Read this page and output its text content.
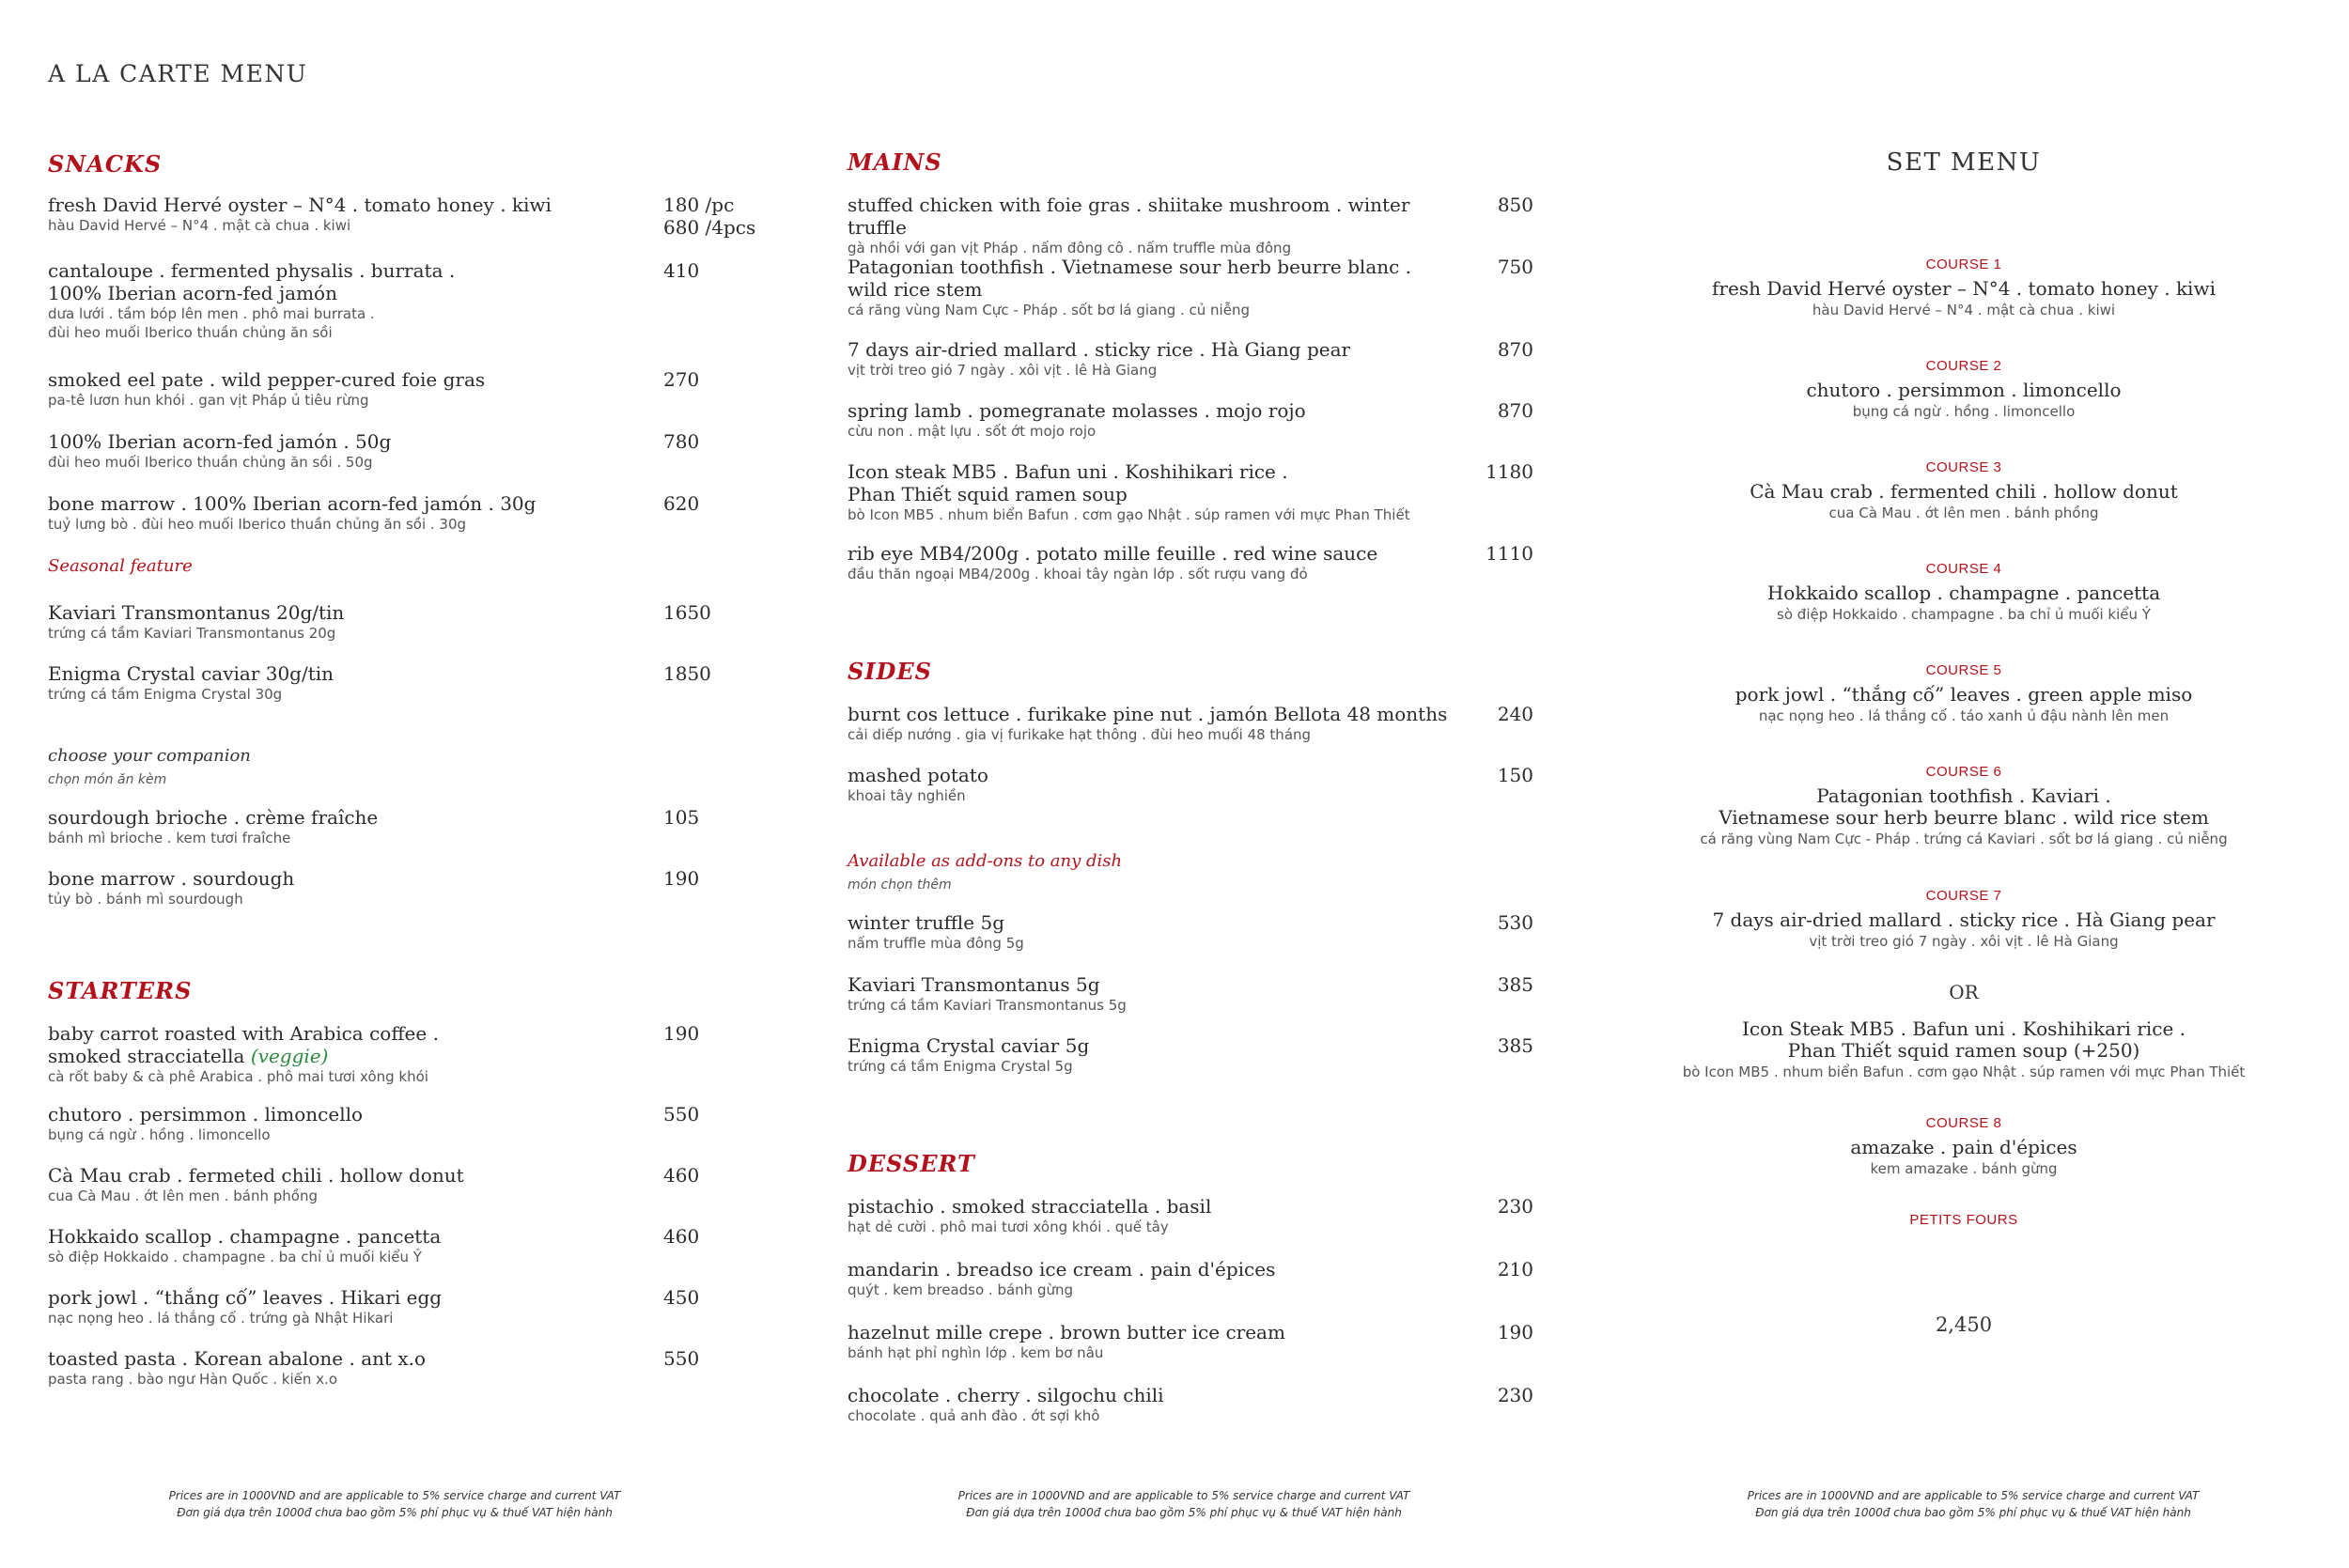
A LA CARTE MENU
SNACKS
fresh David Hervé oyster – N°4 . tomato honey . kiwi
hàu David Hervé – N°4 . mật cà chua . kiwi
180 /pc
680 /4pcs
cantaloupe . fermented physalis . burrata .
100% Iberian acorn-fed jamón
dưa lưới . tầm bóp lên men . phô mai burrata .
đùi heo muối Iberico thuần chủng ăn sồi
410
smoked eel pate . wild pepper-cured foie gras
pa-tê lươn hun khói . gan vịt Pháp ủ tiêu rừng
270
100% Iberian acorn-fed jamón . 50g
đùi heo muối Iberico thuần chủng ăn sồi . 50g
780
bone marrow . 100% Iberian acorn-fed jamón . 30g
tuỷ lưng bò . đùi heo muối Iberico thuần chủng ăn sồi . 30g
620
Seasonal feature
Kaviari Transmontanus 20g/tin
trứng cá tầm Kaviari Transmontanus 20g
1650
Enigma Crystal caviar 30g/tin
trứng cá tầm Enigma Crystal 30g
1850
choose your companion
chọn món ăn kèm
sourdough brioche . crème fraîche
bánh mì brioche . kem tươi fraîche
105
bone marrow . sourdough
tủy bò . bánh mì sourdough
190
STARTERS
baby carrot roasted with Arabica coffee .
smoked stracciatella (veggie)
cà rốt baby & cà phê Arabica . phô mai tươi xông khói
190
chutoro . persimmon . limoncello
bụng cá ngừ . hồng . limoncello
550
Cà Mau crab . fermeted chili . hollow donut
cua Cà Mau . ớt lên men . bánh phồng
460
Hokkaido scallop . champagne . pancetta
sò điệp Hokkaido . champagne . ba chỉ ủ muối kiểu Ý
460
pork jowl . “thắng cố” leaves . Hikari egg
nạc nọng heo . lá thắng cố . trứng gà Nhật Hikari
450
toasted pasta . Korean abalone . ant x.o
pasta rang . bào ngư Hàn Quốc . kiến x.o
550
MAINS
stuffed chicken with foie gras . shiitake mushroom . winter truffle
gà nhồi với gan vịt Pháp . nấm đông cô . nấm truffle mùa đông
850
Patagonian toothfish . Vietnamese sour herb beurre blanc .
wild rice stem
cá răng vùng Nam Cực - Pháp . sốt bơ lá giang . củ niễng
750
7 days air-dried mallard . sticky rice . Hà Giang pear
vịt trời treo gió 7 ngày . xôi vịt . lê Hà Giang
870
spring lamb . pomegranate molasses . mojo rojo
cừu non . mật lựu . sốt ớt mojo rojo
870
Icon steak MB5 . Bafun uni . Koshihikari rice .
Phan Thiết squid ramen soup
bò Icon MB5 . nhum biển Bafun . cơm gạo Nhật . súp ramen với mực Phan Thiết
1180
rib eye MB4/200g . potato mille feuille . red wine sauce
đầu thăn ngoại MB4/200g . khoai tây ngàn lớp . sốt rượu vang đỏ
1110
SIDES
burnt cos lettuce . furikake pine nut . jamón Bellota 48 months
cải diếp nướng . gia vị furikake hạt thông . đùi heo muối 48 tháng
240
mashed potato
khoai tây nghiền
150
Available as add-ons to any dish
món chọn thêm
winter truffle 5g
nấm truffle mùa đông 5g
530
Kaviari Transmontanus 5g
trứng cá tầm Kaviari Transmontanus 5g
385
Enigma Crystal caviar 5g
trứng cá tầm Enigma Crystal 5g
385
DESSERT
pistachio . smoked stracciatella . basil
hạt dẻ cười . phô mai tươi xông khói . quế tây
230
mandarin . breadso ice cream . pain d'épices
quýt . kem breadso . bánh gừng
210
hazelnut mille crepe . brown butter ice cream
bánh hạt phỉ nghìn lớp . kem bơ nâu
190
chocolate . cherry . silgochu chili
chocolate . quả anh đào . ớt sợi khô
230
SET MENU
COURSE 1
fresh David Hervé oyster – N°4 . tomato honey . kiwi
hàu David Hervé – N°4 . mật cà chua . kiwi
COURSE 2
chutoro . persimmon . limoncello
bụng cá ngừ . hồng . limoncello
COURSE 3
Cà Mau crab . fermented chili . hollow donut
cua Cà Mau . ớt lên men . bánh phồng
COURSE 4
Hokkaido scallop . champagne . pancetta
sò điệp Hokkaido . champagne . ba chỉ ủ muối kiểu Ý
COURSE 5
pork jowl . “thắng cố” leaves . green apple miso
nạc nọng heo . lá thắng cố . táo xanh ủ đậu nành lên men
COURSE 6
Patagonian toothfish . Kaviari .
Vietnamese sour herb beurre blanc . wild rice stem
cá răng vùng Nam Cực - Pháp . trứng cá Kaviari . sốt bơ lá giang . củ niễng
COURSE 7
7 days air-dried mallard . sticky rice . Hà Giang pear
vịt trời treo gió 7 ngày . xôi vịt . lê Hà Giang
OR
Icon Steak MB5 . Bafun uni . Koshihikari rice .
Phan Thiết squid ramen soup (+250)
bò Icon MB5 . nhum biển Bafun . cơm gạo Nhật . súp ramen với mực Phan Thiết
COURSE 8
amazake . pain d'épices
kem amazake . bánh gừng
PETITS FOURS
2,450
Prices are in 1000VND and are applicable to 5% service charge and current VAT
Đơn giá dựa trên 1000đ chưa bao gồm 5% phí phục vụ & thuế VAT hiện hành
Prices are in 1000VND and are applicable to 5% service charge and current VAT
Đơn giá dựa trên 1000đ chưa bao gồm 5% phí phục vụ & thuế VAT hiện hành
Prices are in 1000VND and are applicable to 5% service charge and current VAT
Đơn giá dựa trên 1000đ chưa bao gồm 5% phí phục vụ & thuế VAT hiện hành
